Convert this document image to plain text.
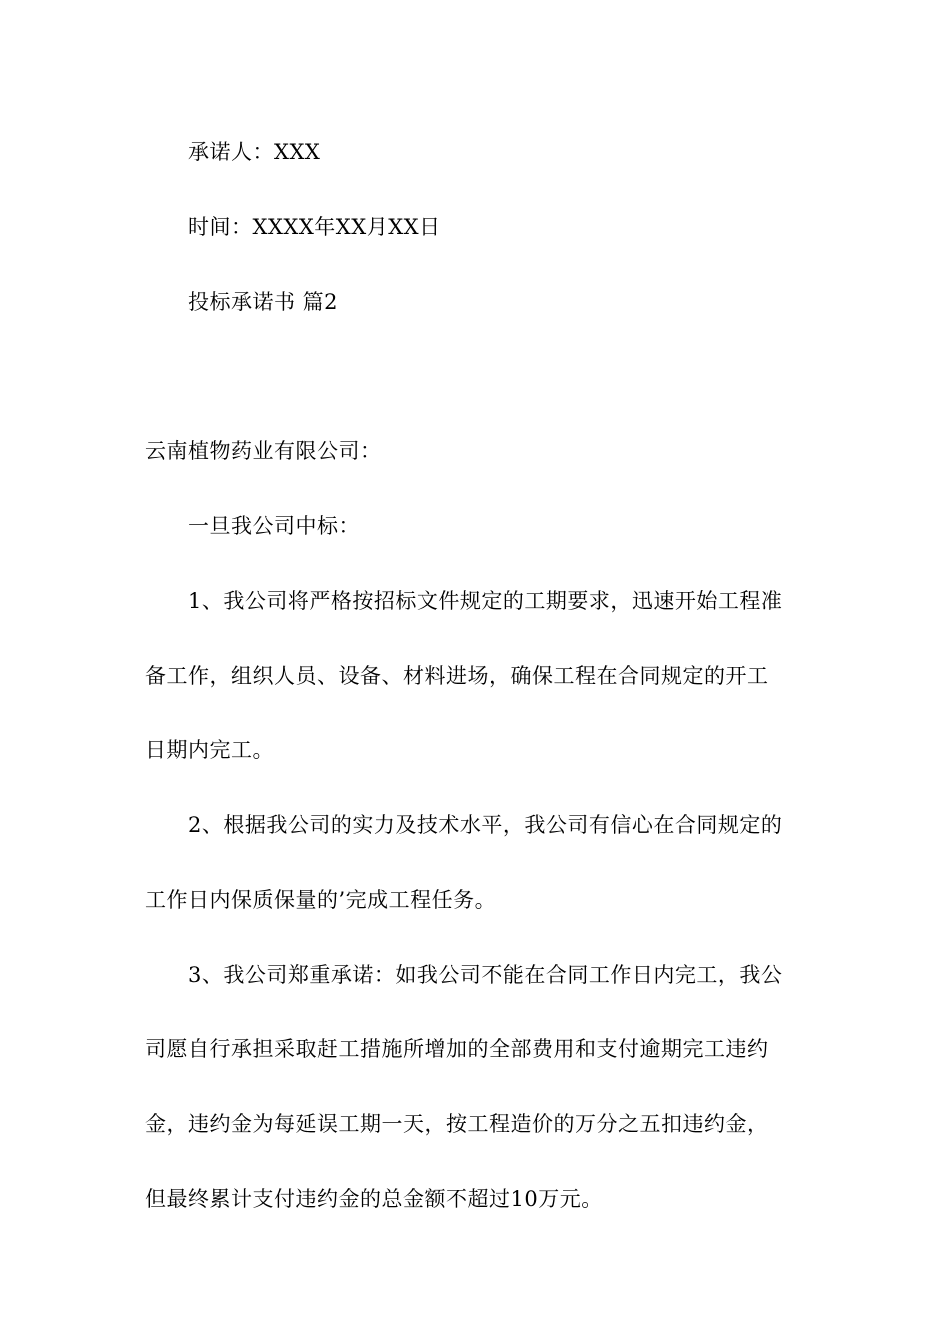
承诺人：XXX
时间：XXXX年XX月XX日
投标承诺书 篇2
云南植物药业有限公司：
一旦我公司中标：
1、我公司将严格按招标文件规定的工期要求，迅速开始工程准
备工作，组织人员、设备、材料进场，确保工程在合同规定的开工
日期内完工。
2、根据我公司的实力及技术水平，我公司有信心在合同规定的
工作日内保质保量的’完成工程任务。
3、我公司郑重承诺：如我公司不能在合同工作日内完工，我公
司愿自行承担采取赶工措施所增加的全部费用和支付逾期完工违约
金，违约金为每延误工期一天，按工程造价的万分之五扣违约金，
但最终累计支付违约金的总金额不超过10万元。
